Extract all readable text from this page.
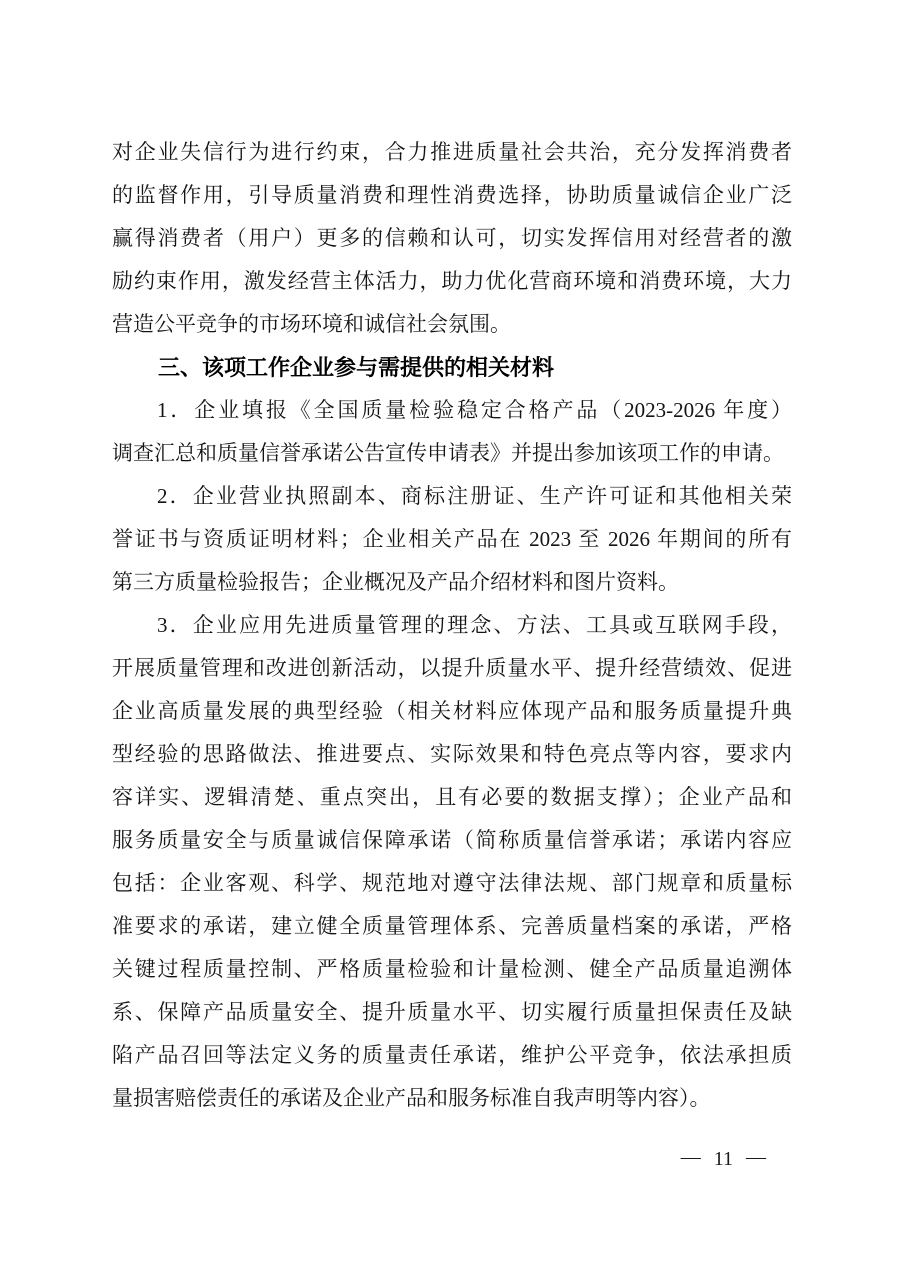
对企业失信行为进行约束，合力推进质量社会共治，充分发挥消费者
的监督作用，引导质量消费和理性消费选择，协助质量诚信企业广泛
赢得消费者（用户）更多的信赖和认可，切实发挥信用对经营者的激
励约束作用，激发经营主体活力，助力优化营商环境和消费环境，大力
营造公平竞争的市场环境和诚信社会氛围。
三、该项工作企业参与需提供的相关材料
1．企业填报《全国质量检验稳定合格产品（2023-2026 年度）
调查汇总和质量信誉承诺公告宣传申请表》并提出参加该项工作的申请。
2．企业营业执照副本、商标注册证、生产许可证和其他相关荣
誉证书与资质证明材料；企业相关产品在 2023 至 2026 年期间的所有
第三方质量检验报告；企业概况及产品介绍材料和图片资料。
3．企业应用先进质量管理的理念、方法、工具或互联网手段，
开展质量管理和改进创新活动，以提升质量水平、提升经营绩效、促进
企业高质量发展的典型经验（相关材料应体现产品和服务质量提升典
型经验的思路做法、推进要点、实际效果和特色亮点等内容，要求内
容详实、逻辑清楚、重点突出，且有必要的数据支撑）；企业产品和
服务质量安全与质量诚信保障承诺（简称质量信誉承诺；承诺内容应
包括：企业客观、科学、规范地对遵守法律法规、部门规章和质量标
准要求的承诺，建立健全质量管理体系、完善质量档案的承诺，严格
关键过程质量控制、严格质量检验和计量检测、健全产品质量追溯体
系、保障产品质量安全、提升质量水平、切实履行质量担保责任及缺
陷产品召回等法定义务的质量责任承诺，维护公平竞争，依法承担质
量损害赔偿责任的承诺及企业产品和服务标准自我声明等内容）。
— 11 —
